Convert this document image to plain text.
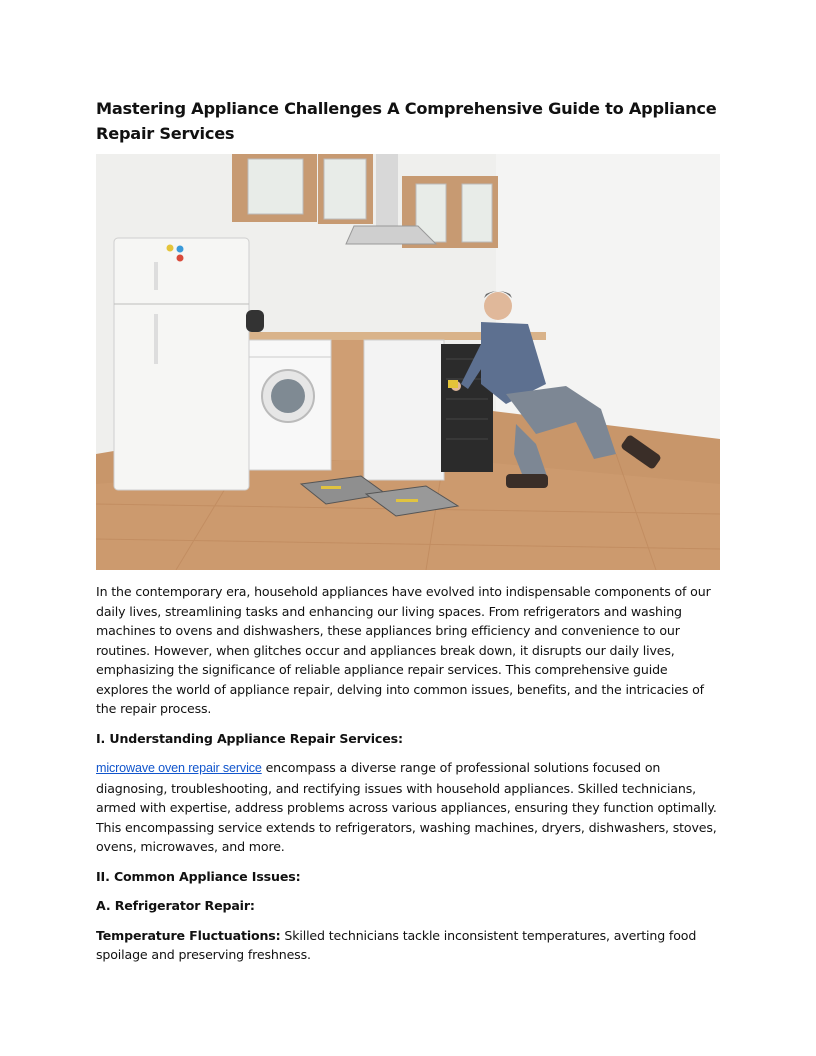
Mastering Appliance Challenges A Comprehensive Guide to Appliance Repair Services

In the contemporary era, household appliances have evolved into indispensable components of our daily lives, streamlining tasks and enhancing our living spaces. From refrigerators and washing machines to ovens and dishwashers, these appliances bring efficiency and convenience to our routines. However, when glitches occur and appliances break down, it disrupts our daily lives, emphasizing the significance of reliable appliance repair services. This comprehensive guide explores the world of appliance repair, delving into common issues, benefits, and the intricacies of the repair process.

I. Understanding Appliance Repair Services:

microwave oven repair service encompass a diverse range of professional solutions focused on diagnosing, troubleshooting, and rectifying issues with household appliances. Skilled technicians, armed with expertise, address problems across various appliances, ensuring they function optimally. This encompassing service extends to refrigerators, washing machines, dryers, dishwashers, stoves, ovens, microwaves, and more.

II. Common Appliance Issues:

A. Refrigerator Repair:

Temperature Fluctuations: Skilled technicians tackle inconsistent temperatures, averting food spoilage and preserving freshness.
